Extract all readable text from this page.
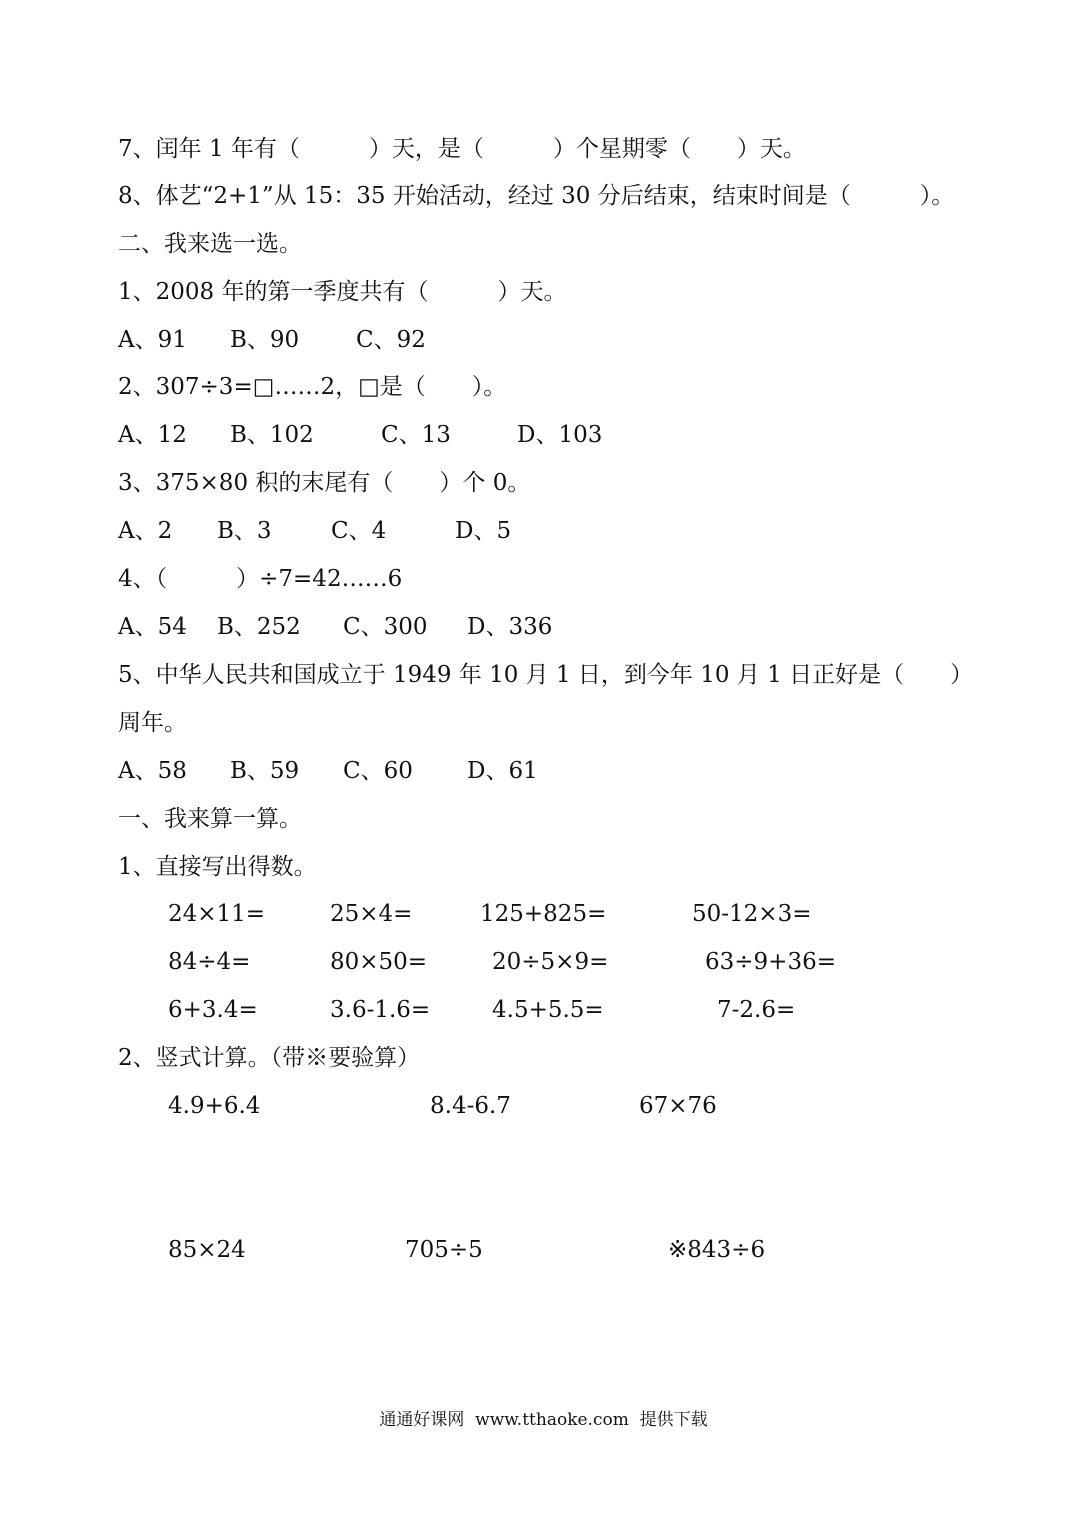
7、闰年 1 年有（　　　）天，是（　　　）个星期零（　　）天。
8、体艺“2+1”从 15：35 开始活动，经过 30 分后结束，结束时间是（　　　）。
二、我来选一选。
1、2008 年的第一季度共有（　　　）天。
A、91 B、90 C、92
2、307÷3=□……2，□是（　　）。
A、12 B、102	C、13	D、103
3、375×80 积的末尾有（　　）个 0。
A、2 B、3	C、4	D、5
4、（　　　）÷7=42……6
A、54 B、252 C、300 D、336
5、中华人民共和国成立于 1949 年 10 月 1 日，到今年 10 月 1 日正好是（　　）
周年。
A、58 B、59 C、60 D、61
一、我来算一算。
1、直接写出得数。
24×11=	25×4=	125+825=	50-12×3=
84÷4=	80×50=	20÷5×9=	63÷9+36=
6+3.4=	3.6-1.6=	4.5+5.5=	7-2.6=
2、竖式计算。（带※要验算）
4.9+6.4	8.4-6.7	67×76
85×24	705÷5	※843÷6
通通好课网  www.tthaoke.com  提供下载
